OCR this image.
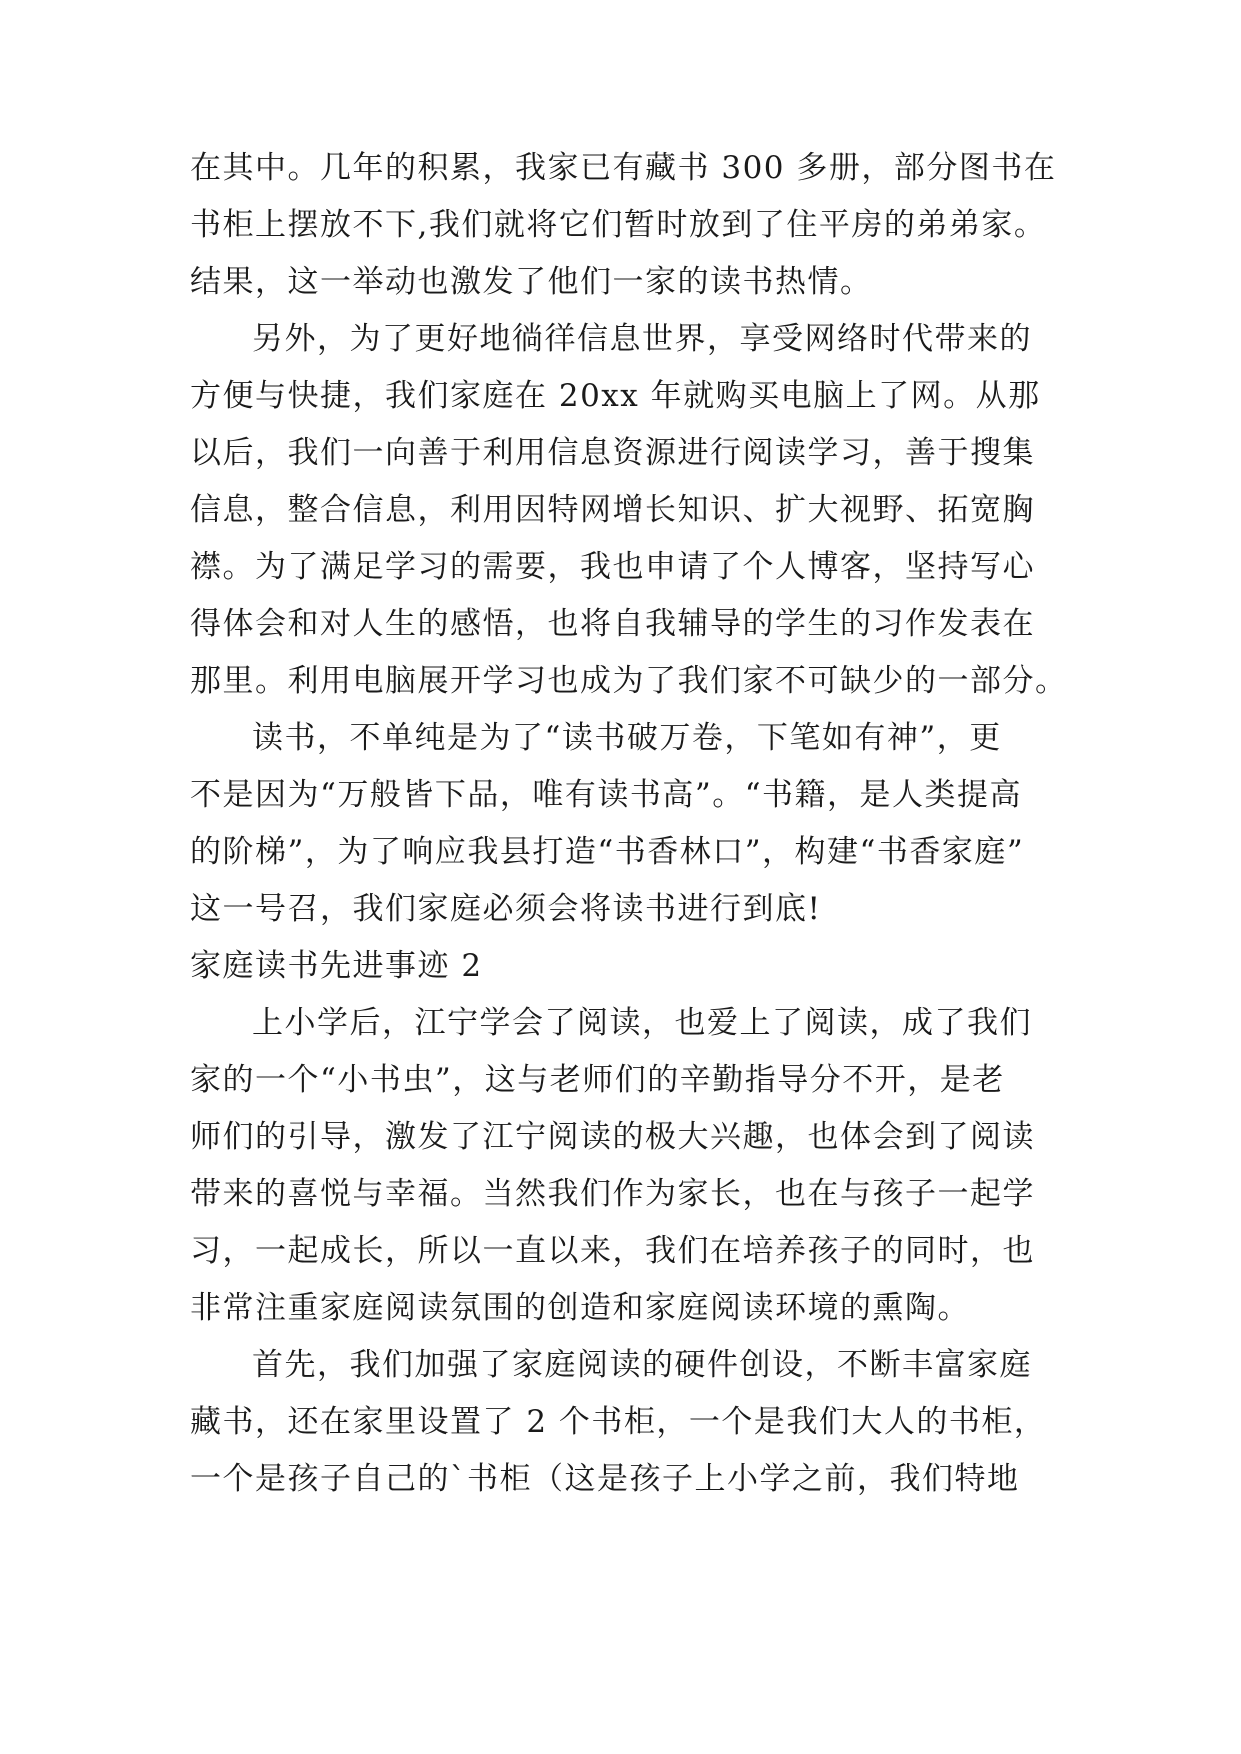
在其中。几年的积累，我家已有藏书 300 多册，部分图书在
书柜上摆放不下,我们就将它们暂时放到了住平房的弟弟家。
结果，这一举动也激发了他们一家的读书热情。
另外，为了更好地徜徉信息世界，享受网络时代带来的
方便与快捷，我们家庭在 20xx 年就购买电脑上了网。从那
以后，我们一向善于利用信息资源进行阅读学习，善于搜集
信息，整合信息，利用因特网增长知识、扩大视野、拓宽胸
襟。为了满足学习的需要，我也申请了个人博客，坚持写心
得体会和对人生的感悟，也将自我辅导的学生的习作发表在
那里。利用电脑展开学习也成为了我们家不可缺少的一部分。
读书，不单纯是为了“读书破万卷，下笔如有神”，更
不是因为“万般皆下品，唯有读书高”。“书籍，是人类提高
的阶梯”，为了响应我县打造“书香林口”，构建“书香家庭”
这一号召，我们家庭必须会将读书进行到底!
家庭读书先进事迹 2
上小学后，江宁学会了阅读，也爱上了阅读，成了我们
家的一个“小书虫”，这与老师们的辛勤指导分不开，是老
师们的引导，激发了江宁阅读的极大兴趣，也体会到了阅读
带来的喜悦与幸福。当然我们作为家长，也在与孩子一起学
习，一起成长，所以一直以来，我们在培养孩子的同时，也
非常注重家庭阅读氛围的创造和家庭阅读环境的熏陶。
首先，我们加强了家庭阅读的硬件创设，不断丰富家庭
藏书，还在家里设置了 2 个书柜，一个是我们大人的书柜，
一个是孩子自己的`书柜（这是孩子上小学之前，我们特地
